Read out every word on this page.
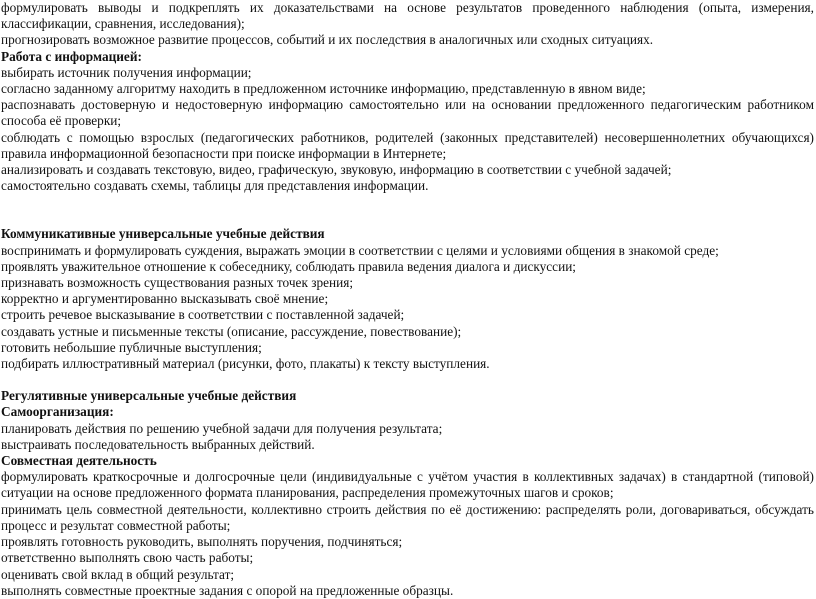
формулировать выводы и подкреплять их доказательствами на основе результатов проведенного наблюдения (опыта, измерения, классификации, сравнения, исследования);

прогнозировать возможное развитие процессов, событий и их последствия в аналогичных или сходных ситуациях.

Работа с информацией:

выбирать источник получения информации;

согласно заданному алгоритму находить в предложенном источнике информацию, представленную в явном виде;

распознавать достоверную и недостоверную информацию самостоятельно или на основании предложенного педагогическим работником способа её проверки;

соблюдать с помощью взрослых (педагогических работников, родителей (законных представителей) несовершеннолетних обучающихся) правила информационной безопасности при поиске информации в Интернете;

анализировать и создавать текстовую, видео, графическую, звуковую, информацию в соответствии с учебной задачей;

самостоятельно создавать схемы, таблицы для представления информации.

Коммуникативные универсальные учебные действия

воспринимать и формулировать суждения, выражать эмоции в соответствии с целями и условиями общения в знакомой среде;

проявлять уважительное отношение к собеседнику, соблюдать правила ведения диалога и дискуссии;

признавать возможность существования разных точек зрения;

корректно и аргументированно высказывать своё мнение;

строить речевое высказывание в соответствии с поставленной задачей;

создавать устные и письменные тексты (описание, рассуждение, повествование);

готовить небольшие публичные выступления;

подбирать иллюстративный материал (рисунки, фото, плакаты) к тексту выступления.

Регулятивные универсальные учебные действия

Самоорганизация:

планировать действия по решению учебной задачи для получения результата;

выстраивать последовательность выбранных действий.

Совместная деятельность

формулировать краткосрочные и долгосрочные цели (индивидуальные с учётом участия в коллективных задачах) в стандартной (типовой) ситуации на основе предложенного формата планирования, распределения промежуточных шагов и сроков;

принимать цель совместной деятельности, коллективно строить действия по её достижению: распределять роли, договариваться, обсуждать процесс и результат совместной работы;

проявлять готовность руководить, выполнять поручения, подчиняться;

ответственно выполнять свою часть работы;

оценивать свой вклад в общий результат;

выполнять совместные проектные задания с опорой на предложенные образцы.
